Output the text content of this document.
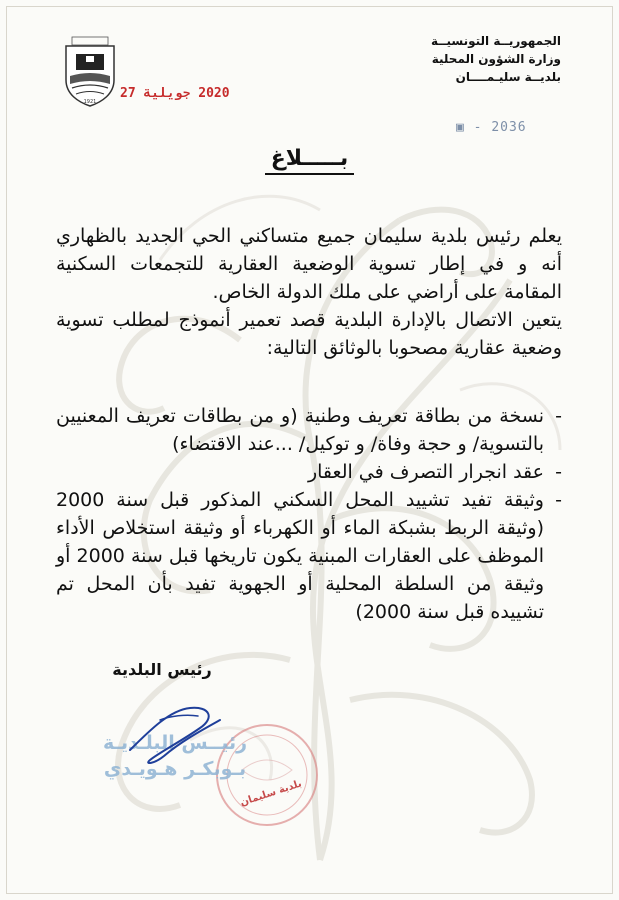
الجمهوريــة التونسيــة
وزارة الشؤون المحلية
بلديــة سليـمــــان
1921
2020 جويلية 27
▣ - 2036
بـــــلاغ

يعلم رئيس بلدية سليمان جميع متساكني الحي الجديد بالظهاري أنه و في إطار تسوية الوضعية العقارية للتجمعات السكنية المقامة على أراضي على ملك الدولة الخاص.

يتعين الاتصال بالإدارة البلدية قصد تعمير أنموذج لمطلب تسوية وضعية عقارية مصحوبا بالوثائق التالية:

-
نسخة من بطاقة تعريف وطنية (و من بطاقات تعريف المعنيين بالتسوية/ و حجة وفاة/ و توكيل/ ...عند الاقتضاء)
-
عقد انجرار التصرف في العقار
-
وثيقة تفيد تشييد المحل السكني المذكور قبل سنة 2000 (وثيقة الربط بشبكة الماء أو الكهرباء أو وثيقة استخلاص الأداء الموظف على العقارات المبنية يكون تاريخها قبل سنة 2000 أو وثيقة من السلطة المحلية أو الجهوية تفيد بأن المحل تم تشييده قبل سنة 2000)
رئيس البلدية
بلدية سليمان
رئيــس البلـديـة
بـوبكـر هـويـدي
